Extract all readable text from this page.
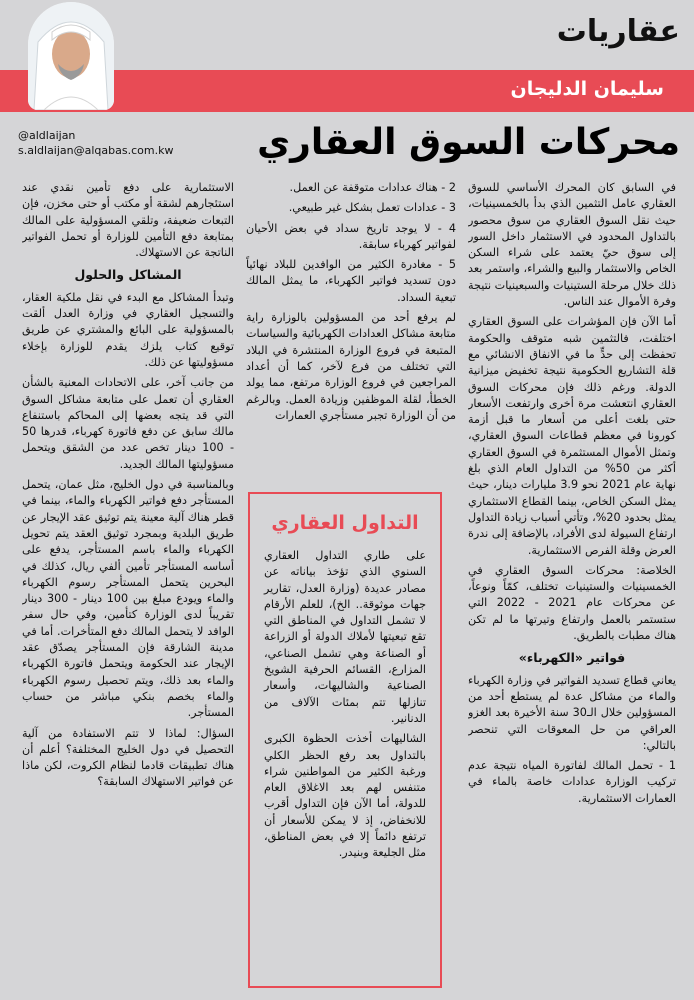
عقاريات
سليمان الدليجان
@aldlaijan
s.aldlaijan@alqabas.com.kw محركات السوق العقاري

في السابق كان المحرك الأساسي للسوق العقاري عامل التثمين الذي بدأ بالخمسينيات، حيث نقل السوق العقاري من سوق محصور بالتداول المحدود في الاستثمار داخل السور إلى سوق حيّ يعتمد على شراء السكن الخاص والاستثمار والبيع والشراء، واستمر بعد ذلك خلال مرحلة الستينيات والسبعينيات نتيجة وفرة الأموال عند الناس.

أما الآن فإن المؤشرات على السوق العقاري اختلفت، فالتثمين شبه متوقف والحكومة تحفظت إلى حدٍّ ما في الانفاق الانشائي مع قلة التشاريع الحكومية نتيجة تخفيض ميزانية الدولة. ورغم ذلك فإن محركات السوق العقاري انتعشت مرة أخرى وارتفعت الأسعار حتى بلغت أعلى من أسعار ما قبل أزمة كورونا في معظم قطاعات السوق العقاري، وتمثل الأموال المستثمرة في السوق العقاري أكثر من 50% من التداول العام الذي بلغ نهاية عام 2021 نحو 3.9 مليارات دينار، حيث يمثل السكن الخاص، بينما القطاع الاستثماري يمثل بحدود 20%، وتأتي أسباب زيادة التداول ارتفاع السيولة لدى الأفراد، بالإضافة إلى ندرة العرض وقلة الفرص الاستثمارية.

الخلاصة: محركات السوق العقاري في الخمسينيات والستينيات تختلف، كمّاً ونوعاً، عن محركات عام 2021 - 2022 التي ستستمر بالعمل وارتفاع وتيرتها ما لم تكن هناك مطبات بالطريق.

فواتير «الكهرباء»

يعاني قطاع تسديد الفواتير في وزارة الكهرباء والماء من مشاكل عدة لم يستطع أحد من المسؤولين خلال الـ30 سنة الأخيرة بعد الغزو العراقي من حل المعوقات التي تنحصر بالتالي:

1 - تحمل المالك لفاتورة المياه نتيجة عدم تركيب الوزارة عدادات خاصة بالماء في العمارات الاستثمارية.

2 - هناك عدادات متوقفة عن العمل.

3 - عدادات تعمل بشكل غير طبيعي.

4 - لا يوجد تاريخ سداد في بعض الأحيان لفواتير كهرباء سابقة.

5 - مغادرة الكثير من الوافدين للبلاد نهائياً دون تسديد فواتير الكهرباء، ما يمثل المالك تبعية السداد.

لم يرفع أحد من المسؤولين بالوزارة راية متابعة مشاكل العدادات الكهربائية والسياسات المتبعة في فروع الوزارة المنتشرة في البلاد التي تختلف من فرع لآخر، كما أن أعداد المراجعين في فروع الوزارة مرتفع، مما يولد الخطأ، لقلة الموظفين وزيادة العمل. وبالرغم من أن الوزارة تجبر مستأجري العمارات

الاستثمارية على دفع تأمين نقدي عند استئجارهم لشقة أو مكتب أو حتى مخزن، فإن التبعات ضعيفة، وتلقي المسؤولية على المالك بمتابعة دفع التأمين للوزارة أو تحمل الفواتير الناتجة عن الاستهلاك.

المشاكل والحلول

وتبدأ المشاكل مع البدء في نقل ملكية العقار، والتسجيل العقاري في وزارة العدل ألقت بالمسؤولية على البائع والمشتري عن طريق توقيع كتاب يلزك يقدم للوزارة بإخلاء مسؤوليتها عن ذلك.

من جانب آخر، على الاتحادات المعنية بالشأن العقاري أن تعمل على متابعة مشاكل السوق التي قد يتجه بعضها إلى المحاكم باستنفاع مالك سابق عن دفع فاتورة كهرباء، قدرها 50 - 100 دينار تخص عدد من الشقق ويتحمل مسؤوليتها المالك الجديد.

وبالمناسبة في دول الخليج، مثل عمان، يتحمل المستأجر دفع فواتير الكهرباء والماء، بينما في قطر هناك آلية معينة يتم توثيق عقد الإيجار عن طريق البلدية وبمجرد توثيق العقد يتم تحويل الكهرباء والماء باسم المستأجر، يدفع على أساسه المستأجر تأمين ألفي ريال، كذلك في البحرين يتحمل المستأجر رسوم الكهرباء والماء ويودع مبلغ بين 100 دينار - 300 دينار تقريباً لدى الوزارة كتأمين، وفي حال سفر الوافد لا يتحمل المالك دفع المتأخرات. أما في مدينة الشارقة فإن المستأجر يصدّق عقد الإيجار عند الحكومة ويتحمل فاتورة الكهرباء والماء بعد ذلك، ويتم تحصيل رسوم الكهرباء والماء بخصم بنكي مباشر من حساب المستأجر.

السؤال: لماذا لا تتم الاستفادة من آلية التحصيل في دول الخليج المختلفة؟ أعلم أن هناك تطبيقات قادما لنظام الكروت، لكن ماذا عن فواتير الاستهلاك السابقة؟

التداول العقاري

على طاري التداول العقاري السنوي الذي تؤخذ بياناته عن مصادر عديدة (وزارة العدل، تقارير جهات موثوقة.. الخ)، للعلم الأرقام لا تشمل التداول في المناطق التي تقع تبعيتها لأملاك الدولة أو الزراعة أو الصناعة وهي تشمل الصناعي، المزارع، القسائم الحرفية الشويخ الصناعية والشاليهات، وأسعار تنازلها تتم بمئات الآلاف من الدنانير.

الشاليهات أخذت الحظوة الكبرى بالتداول بعد رفع الحظر الكلي ورغبة الكثير من المواطنين شراء متنفس لهم بعد الاغلاق العام للدولة، أما الآن فإن التداول أقرب للانخفاض، إذ لا يمكن للأسعار أن ترتفع دائماً إلا في بعض المناطق، مثل الجليعة وبنيدر.
